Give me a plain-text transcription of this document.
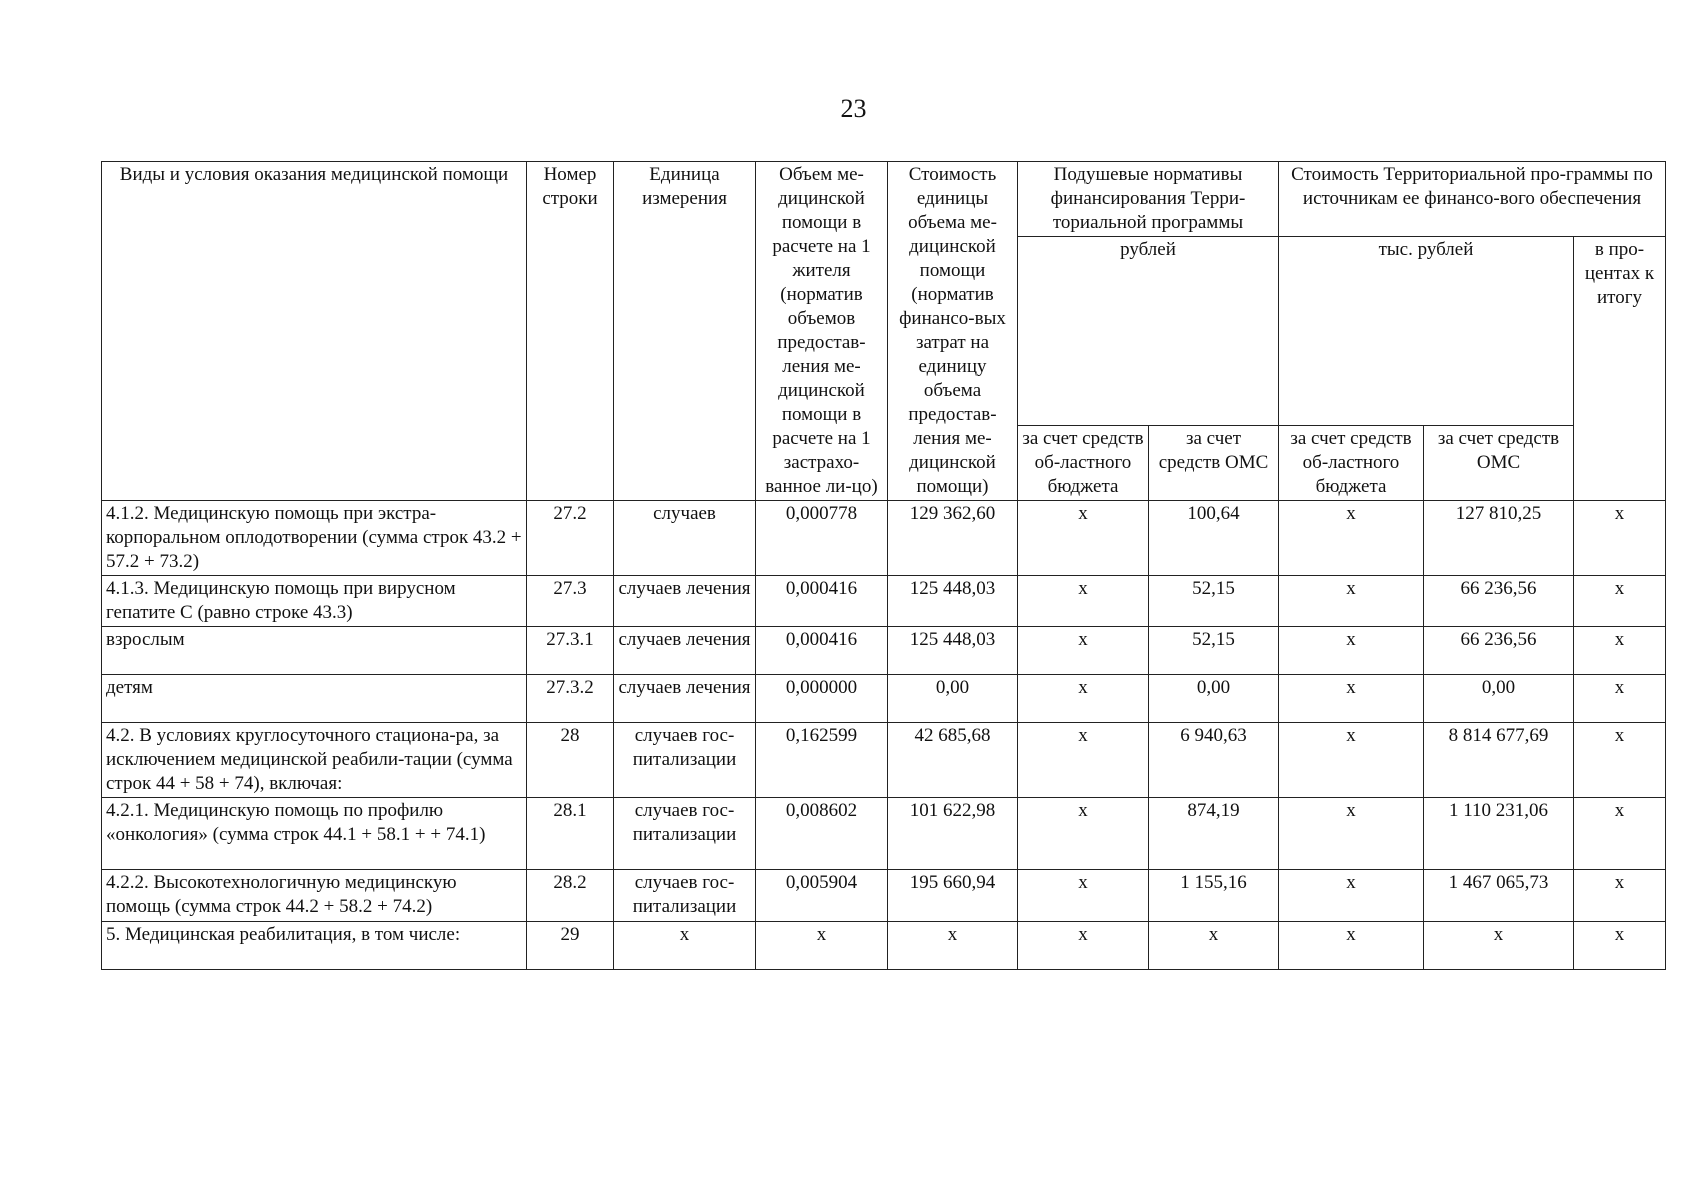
23
Виды и условия оказания медицинской помощи	Номер строки	Единица измерения	Объем ме-дицинской помощи в расчете на 1 жителя (норматив объемов предостав-ления ме-дицинской помощи в расчете на 1 застрахо-ванное ли-цо)	Стоимость единицы объема ме-дицинской помощи (норматив финансо-вых затрат на единицу объема предостав-ления ме-дицинской помощи)	Подушевые нормативы финансирования Терри-ториальной программы		Стоимость Территориальной про-граммы по источникам ее финансо-вого обеспечения		
					рублей		тыс. рублей		в про-центах к итогу
					за счет средств об-ластного бюджета	за счет средств ОМС	за счет средств об-ластного бюджета	за счет средств ОМС	
4.1.2. Медицинскую помощь при экстра-корпоральном оплодотворении (сумма строк 43.2 + 57.2 + 73.2)	27.2	случаев	0,000778	129 362,60	х	100,64	х	127 810,25	х
4.1.3. Медицинскую помощь при вирусном гепатите С (равно строке 43.3)	27.3	случаев лечения	0,000416	125 448,03	х	52,15	х	66 236,56	х
взрослым	27.3.1	случаев лечения	0,000416	125 448,03	х	52,15	х	66 236,56	х
детям	27.3.2	случаев лечения	0,000000	0,00	х	0,00	х	0,00	х
4.2. В условиях круглосуточного стациона-ра, за исключением медицинской реабили-тации (сумма строк 44 + 58 + 74), включая:	28	случаев гос-питализации	0,162599	42 685,68	х	6 940,63	х	8 814 677,69	х
4.2.1. Медицинскую помощь по профилю «онкология» (сумма строк 44.1 + 58.1 + + 74.1)	28.1	случаев гос-питализации	0,008602	101 622,98	х	874,19	х	1 110 231,06	х
4.2.2. Высокотехнологичную медицинскую помощь (сумма строк 44.2 + 58.2 + 74.2)	28.2	случаев гос-питализации	0,005904	195 660,94	х	1 155,16	х	1 467 065,73	х
5. Медицинская реабилитация, в том числе:	29	х	х	х	х	х	х	х	х
